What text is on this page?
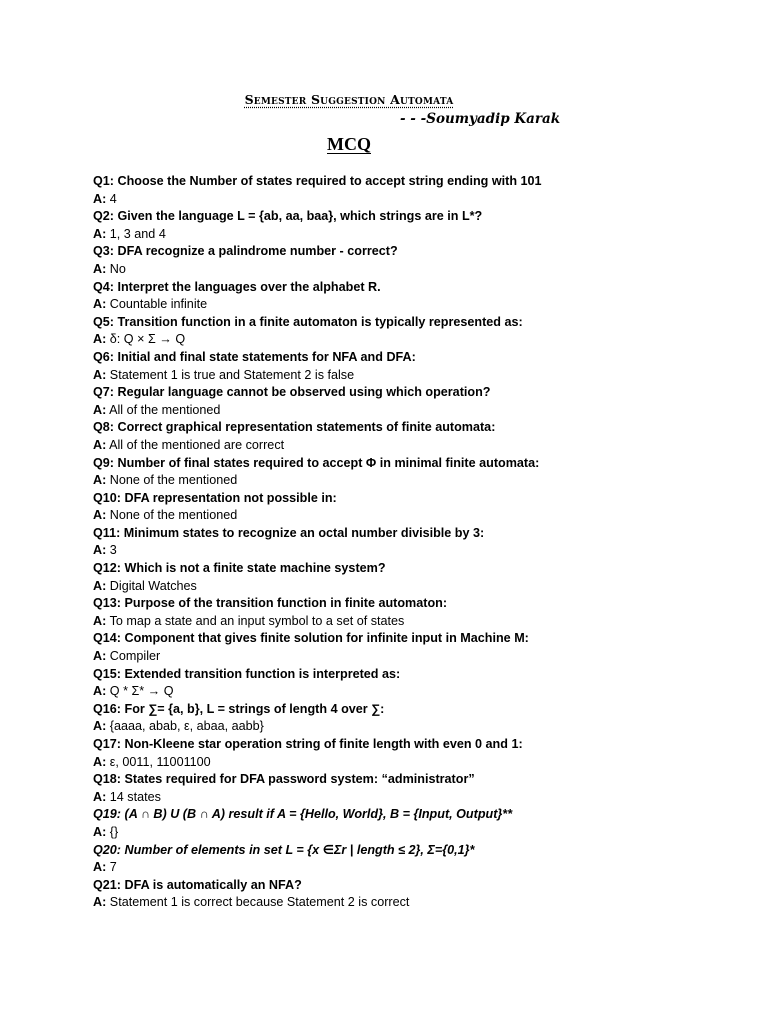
Semester Suggestion Automata
- - -Soumyadip Karak
MCQ
Q1: Choose the Number of states required to accept string ending with 101
A: 4
Q2: Given the language L = {ab, aa, baa}, which strings are in L*?
A: 1, 3 and 4
Q3: DFA recognize a palindrome number - correct?
A: No
Q4: Interpret the languages over the alphabet R.
A: Countable infinite
Q5: Transition function in a finite automaton is typically represented as:
A: δ: Q × Σ → Q
Q6: Initial and final state statements for NFA and DFA:
A: Statement 1 is true and Statement 2 is false
Q7: Regular language cannot be observed using which operation?
A: All of the mentioned
Q8: Correct graphical representation statements of finite automata:
A: All of the mentioned are correct
Q9: Number of final states required to accept Φ in minimal finite automata:
A: None of the mentioned
Q10: DFA representation not possible in:
A: None of the mentioned
Q11: Minimum states to recognize an octal number divisible by 3:
A: 3
Q12: Which is not a finite state machine system?
A: Digital Watches
Q13: Purpose of the transition function in finite automaton:
A: To map a state and an input symbol to a set of states
Q14: Component that gives finite solution for infinite input in Machine M:
A: Compiler
Q15: Extended transition function is interpreted as:
A: Q * Σ* → Q
Q16: For ∑= {a, b}, L = strings of length 4 over ∑:
A: {aaaa, abab, ε, abaa, aabb}
Q17: Non-Kleene star operation string of finite length with even 0 and 1:
A: ε, 0011, 11001100
Q18: States required for DFA password system: “administrator”
A: 14 states
Q19: (A ∩ B) U (B ∩ A) result if A = {Hello, World}, B = {Input, Output}**
A: {}
Q20: Number of elements in set L = {x ∈Σr | length ≤ 2}, Σ={0,1}*
A: 7
Q21: DFA is automatically an NFA?
A: Statement 1 is correct because Statement 2 is correct
